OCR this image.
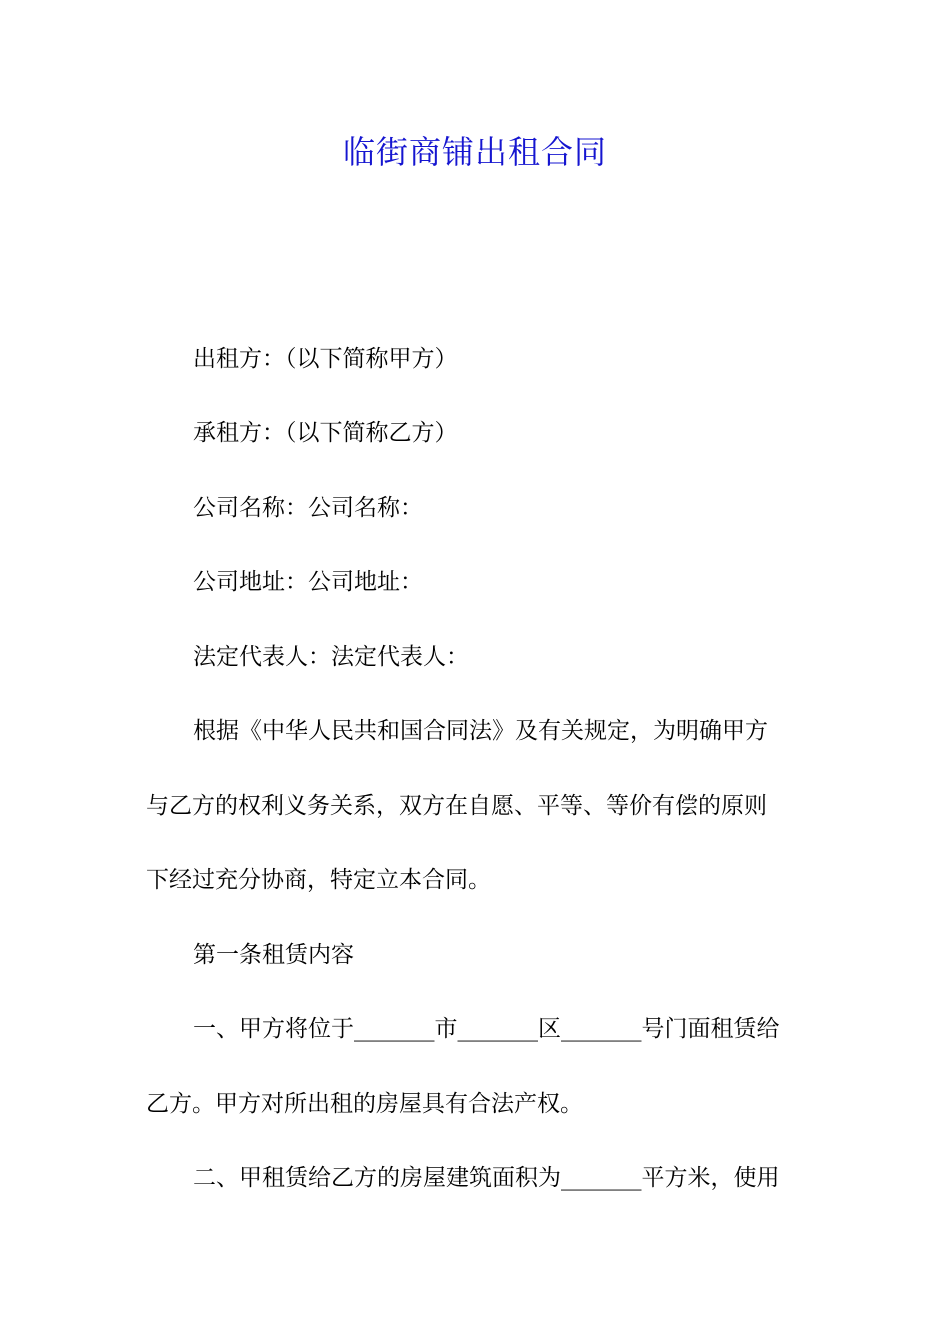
临街商铺出租合同
出租方：（以下简称甲方）
承租方：（以下简称乙方）
公司名称：公司名称：
公司地址：公司地址：
法定代表人：法定代表人：
根据《中华人民共和国合同法》及有关规定，为明确甲方
与乙方的权利义务关系，双方在自愿、平等、等价有偿的原则
下经过充分协商，特定立本合同。
第一条租赁内容
一、甲方将位于_______市_______区_______号门面租赁给
乙方。甲方对所出租的房屋具有合法产权。
二、甲租赁给乙方的房屋建筑面积为_______平方米，使用
